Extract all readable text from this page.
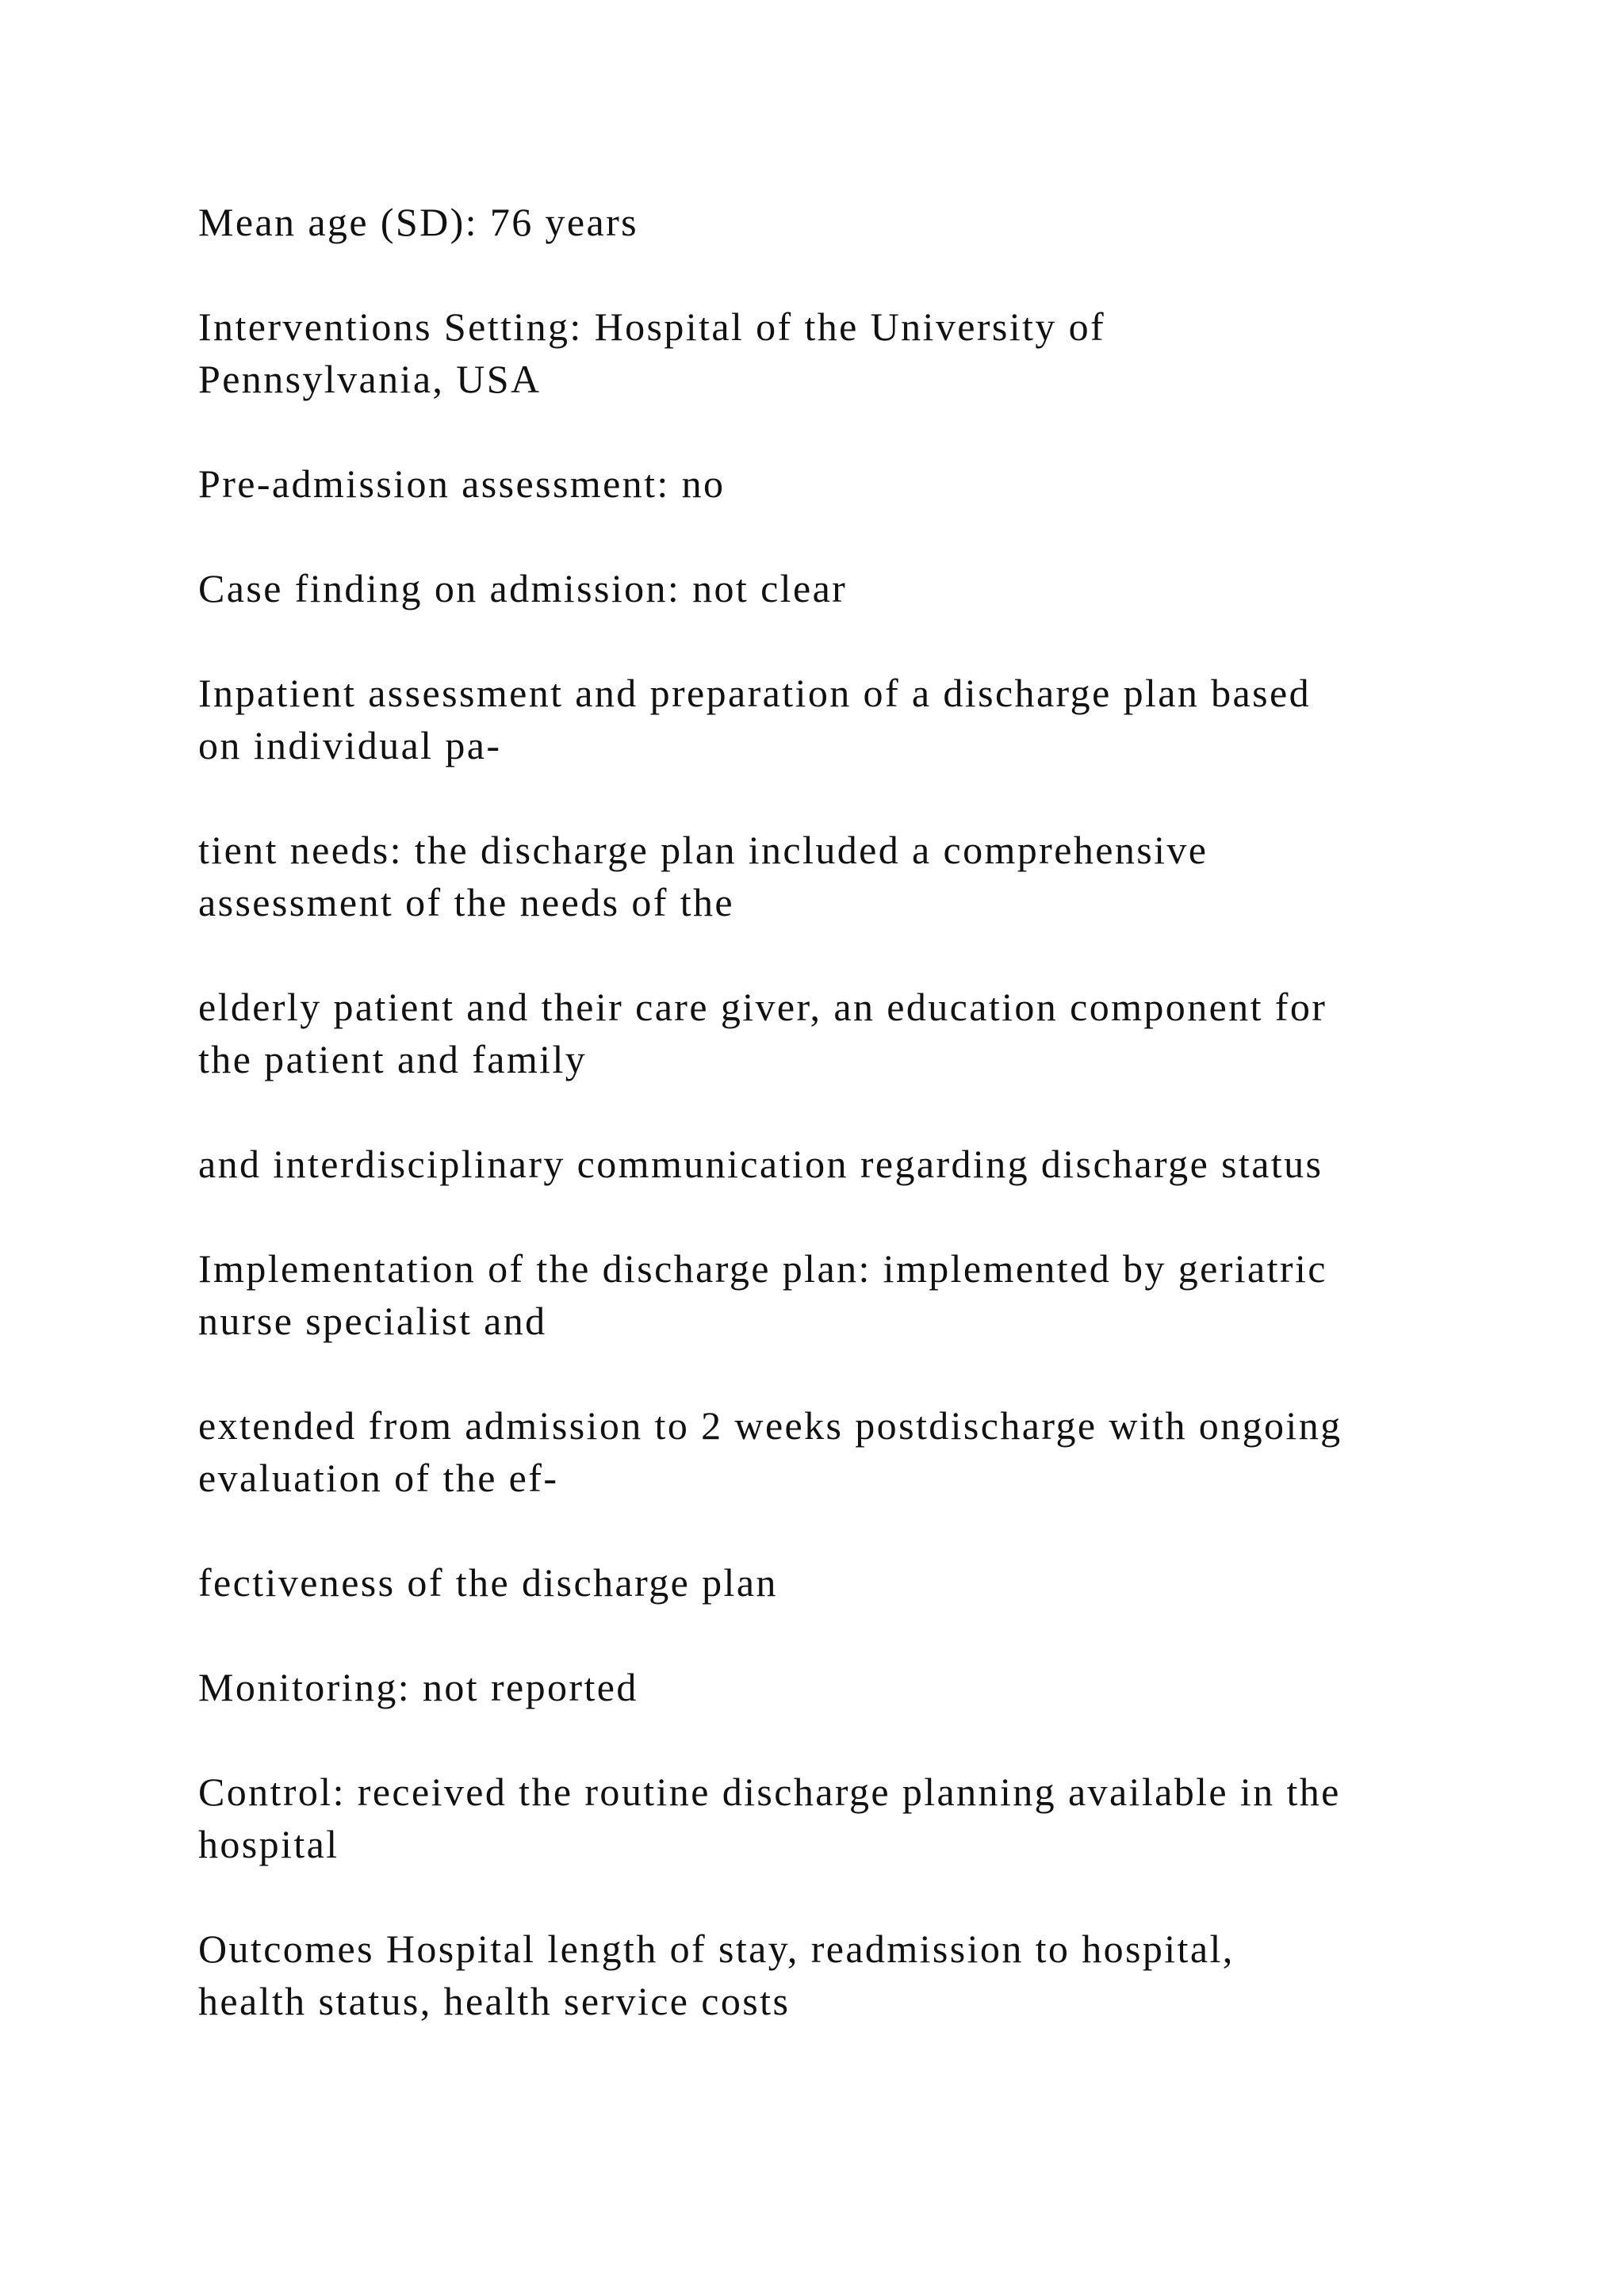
Mean age (SD): 76 years

Interventions Setting: Hospital of the University of
Pennsylvania, USA

Pre-admission assessment: no

Case finding on admission: not clear

Inpatient assessment and preparation of a discharge plan based
on individual pa-

tient needs: the discharge plan included a comprehensive
assessment of the needs of the

elderly patient and their care giver, an education component for
the patient and family

and interdisciplinary communication regarding discharge status

Implementation of the discharge plan: implemented by geriatric
nurse specialist and

extended from admission to 2 weeks postdischarge with ongoing
evaluation of the ef-

fectiveness of the discharge plan

Monitoring: not reported

Control: received the routine discharge planning available in the
hospital

Outcomes Hospital length of stay, readmission to hospital,
health status, health service costs
